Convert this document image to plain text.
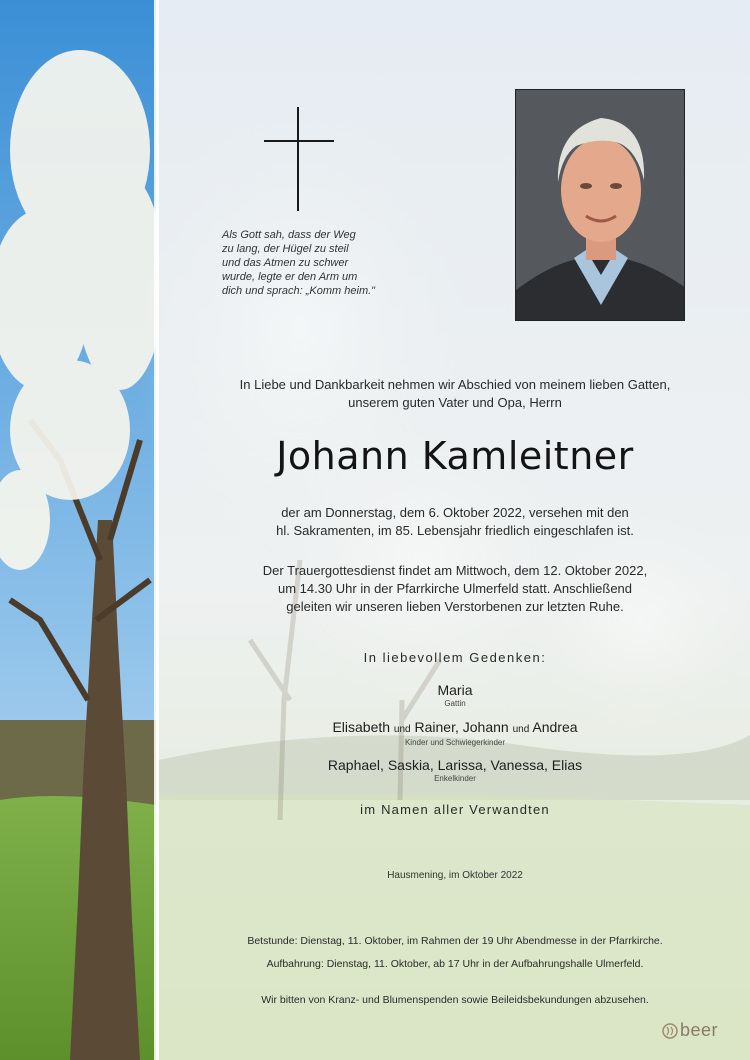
Als Gott sah, dass der Weg
zu lang, der Hügel zu steil
und das Atmen zu schwer
wurde, legte er den Arm um
dich und sprach: „Komm heim."
In Liebe und Dankbarkeit nehmen wir Abschied von meinem lieben Gatten,
unserem guten Vater und Opa, Herrn
Johann Kamleitner
der am Donnerstag, dem 6. Oktober 2022, versehen mit den
hl. Sakramenten, im 85. Lebensjahr friedlich eingeschlafen ist.
Der Trauergottesdienst findet am Mittwoch, dem 12. Oktober 2022,
um 14.30 Uhr in der Pfarrkirche Ulmerfeld statt. Anschließend
geleiten wir unseren lieben Verstorbenen zur letzten Ruhe.
In liebevollem Gedenken:
Maria
Gattin
Elisabeth und Rainer, Johann und Andrea
Kinder und Schwiegerkinder
Raphael, Saskia, Larissa, Vanessa, Elias
Enkelkinder
im Namen aller Verwandten
Hausmening, im Oktober 2022
Betstunde: Dienstag, 11. Oktober, im Rahmen der 19 Uhr Abendmesse in der Pfarrkirche.
Aufbahrung: Dienstag, 11. Oktober, ab 17 Uhr in der Aufbahrungshalle Ulmerfeld.
Wir bitten von Kranz- und Blumenspenden sowie Beileidsbekundungen abzusehen.
beer
